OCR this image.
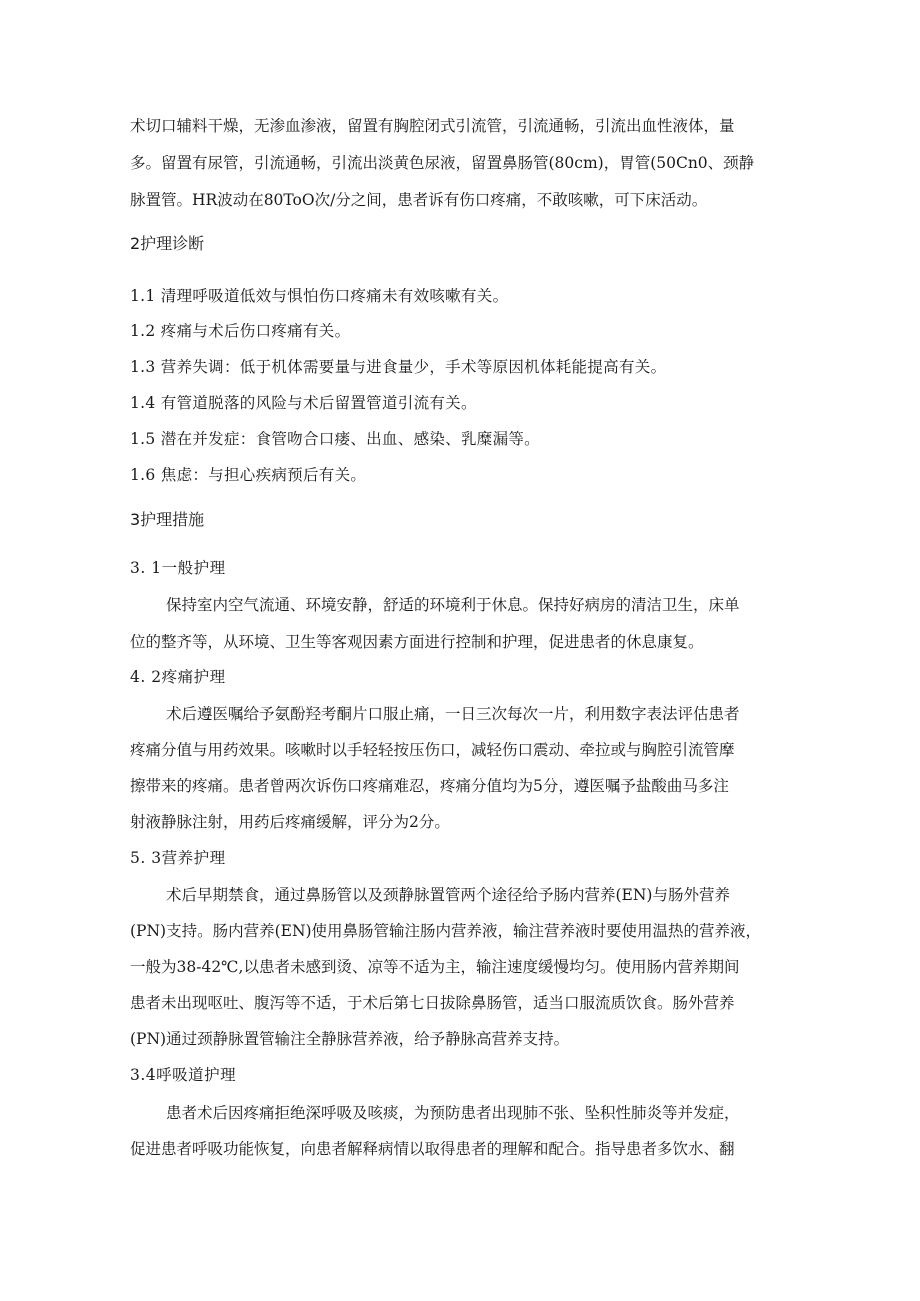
术切口辅料干燥，无渗血渗液，留置有胸腔闭式引流管，引流通畅，引流出血性液体，量
多。留置有尿管，引流通畅，引流出淡黄色尿液，留置鼻肠管(80cm)，胃管(50Cn0、颈静
脉置管。HR波动在80ToO次/分之间，患者诉有伤口疼痛，不敢咳嗽，可下床活动。
2护理诊断
1.1 清理呼吸道低效与惧怕伤口疼痛未有效咳嗽有关。
1.2 疼痛与术后伤口疼痛有关。
1.3 营养失调：低于机体需要量与进食量少，手术等原因机体耗能提高有关。
1.4 有管道脱落的风险与术后留置管道引流有关。
1.5 潜在并发症：食管吻合口瘘、出血、感染、乳糜漏等。
1.6 焦虑：与担心疾病预后有关。
3护理措施
3. 1一般护理
保持室内空气流通、环境安静，舒适的环境利于休息。保持好病房的清洁卫生，床单
位的整齐等，从环境、卫生等客观因素方面进行控制和护理，促进患者的休息康复。
4. 2疼痛护理
术后遵医嘱给予氨酚羟考酮片口服止痛，一日三次每次一片，利用数字表法评估患者
疼痛分值与用药效果。咳嗽时以手轻轻按压伤口，减轻伤口震动、牵拉或与胸腔引流管摩
擦带来的疼痛。患者曾两次诉伤口疼痛难忍，疼痛分值均为5分，遵医嘱予盐酸曲马多注
射液静脉注射，用药后疼痛缓解，评分为2分。
5. 3营养护理
术后早期禁食，通过鼻肠管以及颈静脉置管两个途径给予肠内营养(EN)与肠外营养
(PN)支持。肠内营养(EN)使用鼻肠管输注肠内营养液，输注营养液时要使用温热的营养液，
一般为38-42℃,以患者未感到烫、凉等不适为主，输注速度缓慢均匀。使用肠内营养期间
患者未出现呕吐、腹泻等不适，于术后第七日拔除鼻肠管，适当口服流质饮食。肠外营养
(PN)通过颈静脉置管输注全静脉营养液，给予静脉高营养支持。
3.4呼吸道护理
患者术后因疼痛拒绝深呼吸及咳痰，为预防患者出现肺不张、坠积性肺炎等并发症，
促进患者呼吸功能恢复，向患者解释病情以取得患者的理解和配合。指导患者多饮水、翻
